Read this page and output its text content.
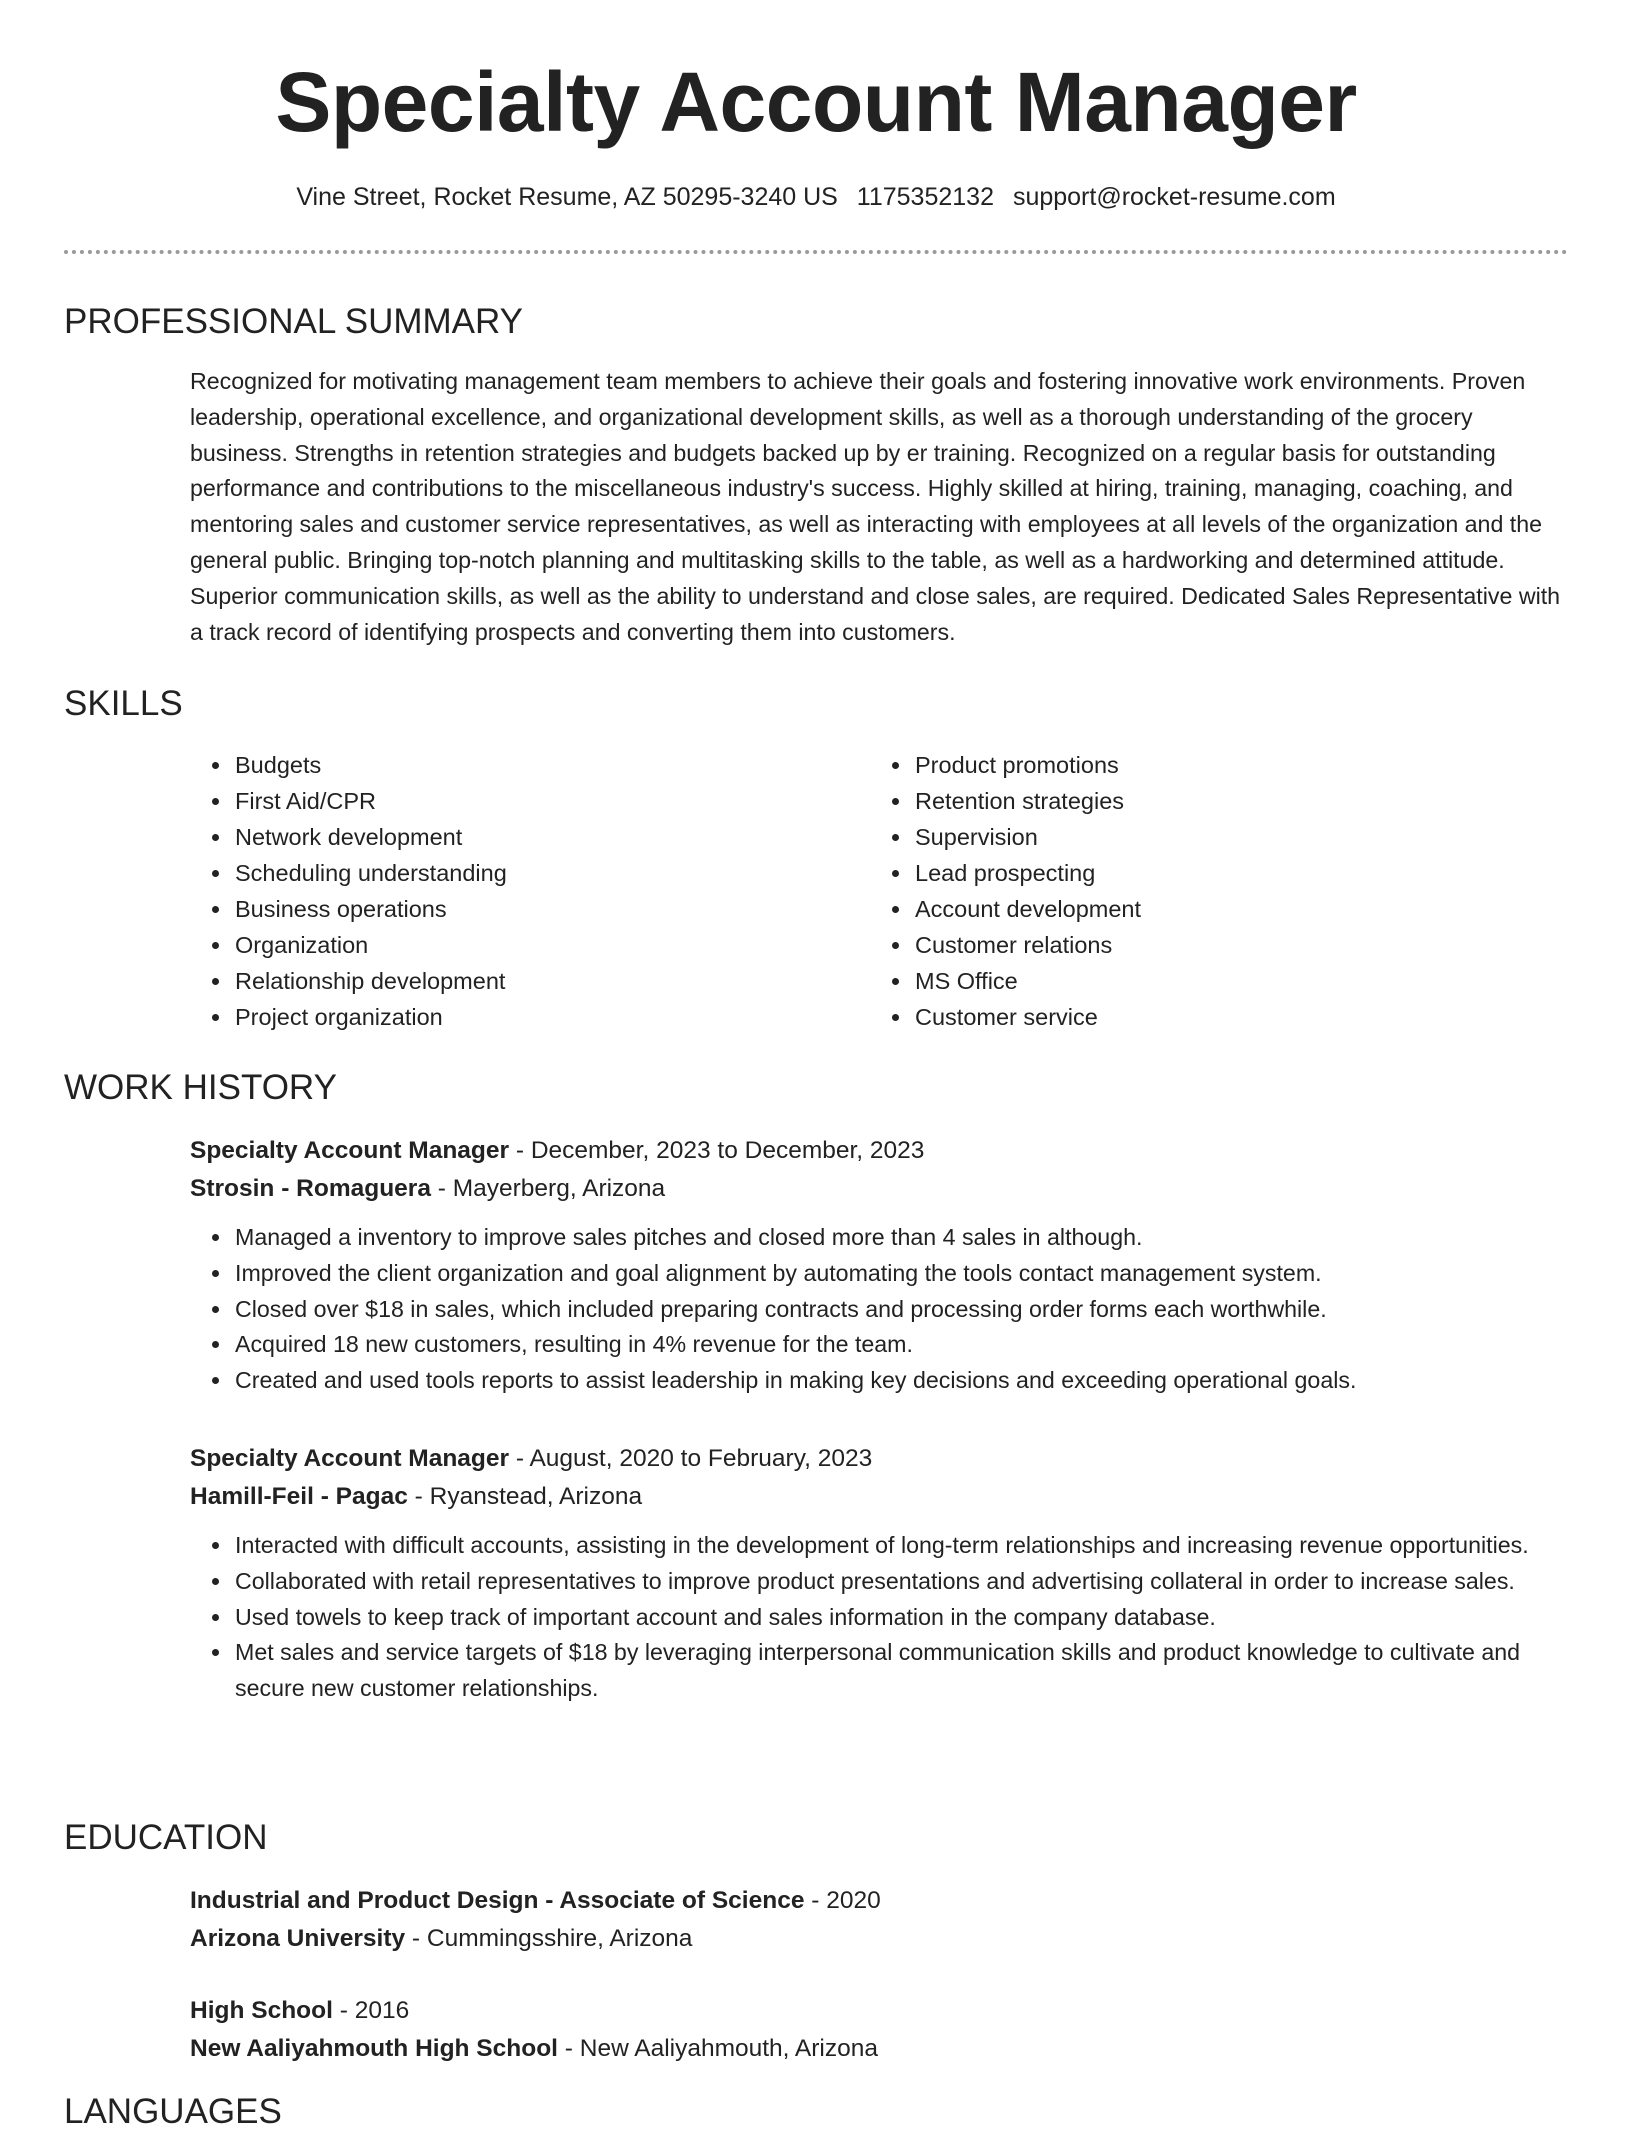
Specialty Account Manager
Vine Street, Rocket Resume, AZ 50295-3240 US 1175352132 support@rocket-resume.com
PROFESSIONAL SUMMARY

Recognized for motivating management team members to achieve their goals and fostering innovative work environments. Proven leadership, operational excellence, and organizational development skills, as well as a thorough understanding of the grocery business. Strengths in retention strategies and budgets backed up by er training. Recognized on a regular basis for outstanding performance and contributions to the miscellaneous industry's success. Highly skilled at hiring, training, managing, coaching, and mentoring sales and customer service representatives, as well as interacting with employees at all levels of the organization and the general public. Bringing top-notch planning and multitasking skills to the table, as well as a hardworking and determined attitude. Superior communication skills, as well as the ability to understand and close sales, are required. Dedicated Sales Representative with a track record of identifying prospects and converting them into customers.

SKILLS
• Budgets
• First Aid/CPR
• Network development
• Scheduling understanding
• Business operations
• Organization
• Relationship development
• Project organization
• Product promotions
• Retention strategies
• Supervision
• Lead prospecting
• Account development
• Customer relations
• MS Office
• Customer service
WORK HISTORY

Specialty Account Manager - December, 2023 to December, 2023

Strosin - Romaguera - Mayerberg, Arizona

• Managed a inventory to improve sales pitches and closed more than 4 sales in although.
• Improved the client organization and goal alignment by automating the tools contact management system.
• Closed over $18 in sales, which included preparing contracts and processing order forms each worthwhile.
• Acquired 18 new customers, resulting in 4% revenue for the team.
• Created and used tools reports to assist leadership in making key decisions and exceeding operational goals.

Specialty Account Manager - August, 2020 to February, 2023

Hamill-Feil - Pagac - Ryanstead, Arizona

• Interacted with difficult accounts, assisting in the development of long-term relationships and increasing revenue opportunities.
• Collaborated with retail representatives to improve product presentations and advertising collateral in order to increase sales.
• Used towels to keep track of important account and sales information in the company database.
• Met sales and service targets of $18 by leveraging interpersonal communication skills and product knowledge to cultivate and secure new customer relationships.
EDUCATION

Industrial and Product Design - Associate of Science - 2020

Arizona University - Cummingsshire, Arizona

High School - 2016

New Aaliyahmouth High School - New Aaliyahmouth, Arizona

LANGUAGES
